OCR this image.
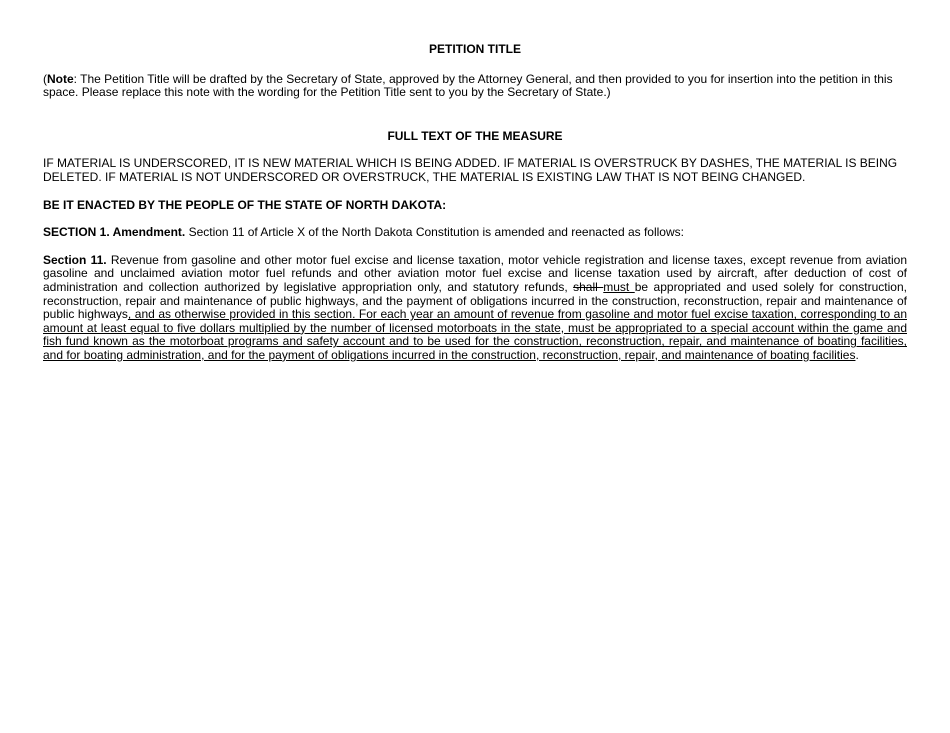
PETITION TITLE

(Note: The Petition Title will be drafted by the Secretary of State, approved by the Attorney General, and then provided to you for insertion into the petition in this space. Please replace this note with the wording for the Petition Title sent to you by the Secretary of State.)

FULL TEXT OF THE MEASURE

IF MATERIAL IS UNDERSCORED, IT IS NEW MATERIAL WHICH IS BEING ADDED. IF MATERIAL IS OVERSTRUCK BY DASHES, THE MATERIAL IS BEING DELETED. IF MATERIAL IS NOT UNDERSCORED OR OVERSTRUCK, THE MATERIAL IS EXISTING LAW THAT IS NOT BEING CHANGED.

BE IT ENACTED BY THE PEOPLE OF THE STATE OF NORTH DAKOTA:

SECTION 1. Amendment. Section 11 of Article X of the North Dakota Constitution is amended and reenacted as follows:

Section 11. Revenue from gasoline and other motor fuel excise and license taxation, motor vehicle registration and license taxes, except revenue from aviation gasoline and unclaimed aviation motor fuel refunds and other aviation motor fuel excise and license taxation used by aircraft, after deduction of cost of administration and collection authorized by legislative appropriation only, and statutory refunds, shall must be appropriated and used solely for construction, reconstruction, repair and maintenance of public highways, and the payment of obligations incurred in the construction, reconstruction, repair and maintenance of public highways, and as otherwise provided in this section. For each year an amount of revenue from gasoline and motor fuel excise taxation, corresponding to an amount at least equal to five dollars multiplied by the number of licensed motorboats in the state, must be appropriated to a special account within the game and fish fund known as the motorboat programs and safety account and to be used for the construction, reconstruction, repair, and maintenance of boating facilities, and for boating administration, and for the payment of obligations incurred in the construction, reconstruction, repair, and maintenance of boating facilities.
